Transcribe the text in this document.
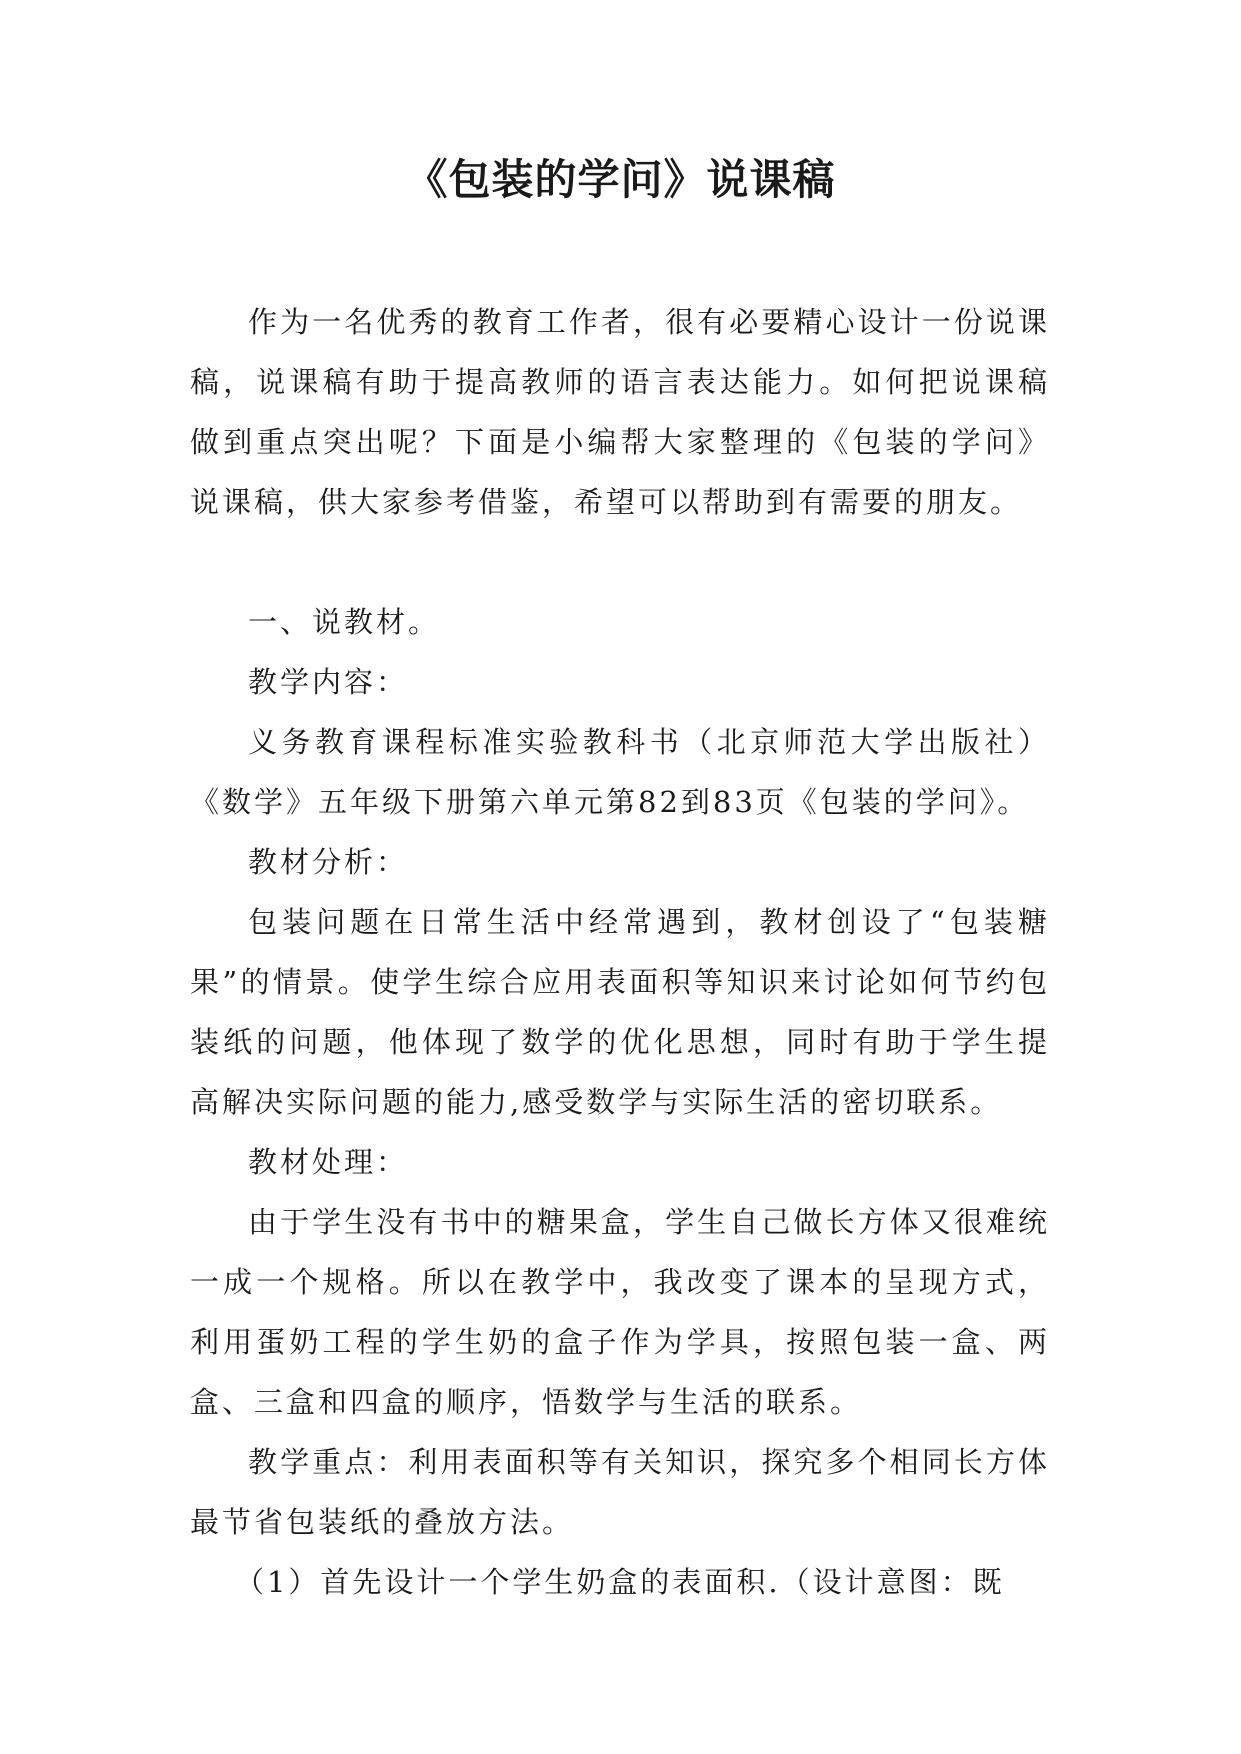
《包装的学问》说课稿

作为一名优秀的教育工作者，很有必要精心设计一份说课稿，说课稿有助于提高教师的语言表达能力。如何把说课稿做到重点突出呢？下面是小编帮大家整理的《包装的学问》说课稿，供大家参考借鉴，希望可以帮助到有需要的朋友。

一、说教材。

教学内容：

义务教育课程标准实验教科书（北京师范大学出版社）《数学》五年级下册第六单元第82到83页《包装的学问》。

教材分析：

包装问题在日常生活中经常遇到，教材创设了“包装糖果”的情景。使学生综合应用表面积等知识来讨论如何节约包装纸的问题，他体现了数学的优化思想，同时有助于学生提高解决实际问题的能力,感受数学与实际生活的密切联系。

教材处理：

由于学生没有书中的糖果盒，学生自己做长方体又很难统一成一个规格。所以在教学中，我改变了课本的呈现方式，利用蛋奶工程的学生奶的盒子作为学具，按照包装一盒、两盒、三盒和四盒的顺序，悟数学与生活的联系。

教学重点：利用表面积等有关知识，探究多个相同长方体最节省包装纸的叠放方法。

（1）首先设计一个学生奶盒的表面积.（设计意图：既
